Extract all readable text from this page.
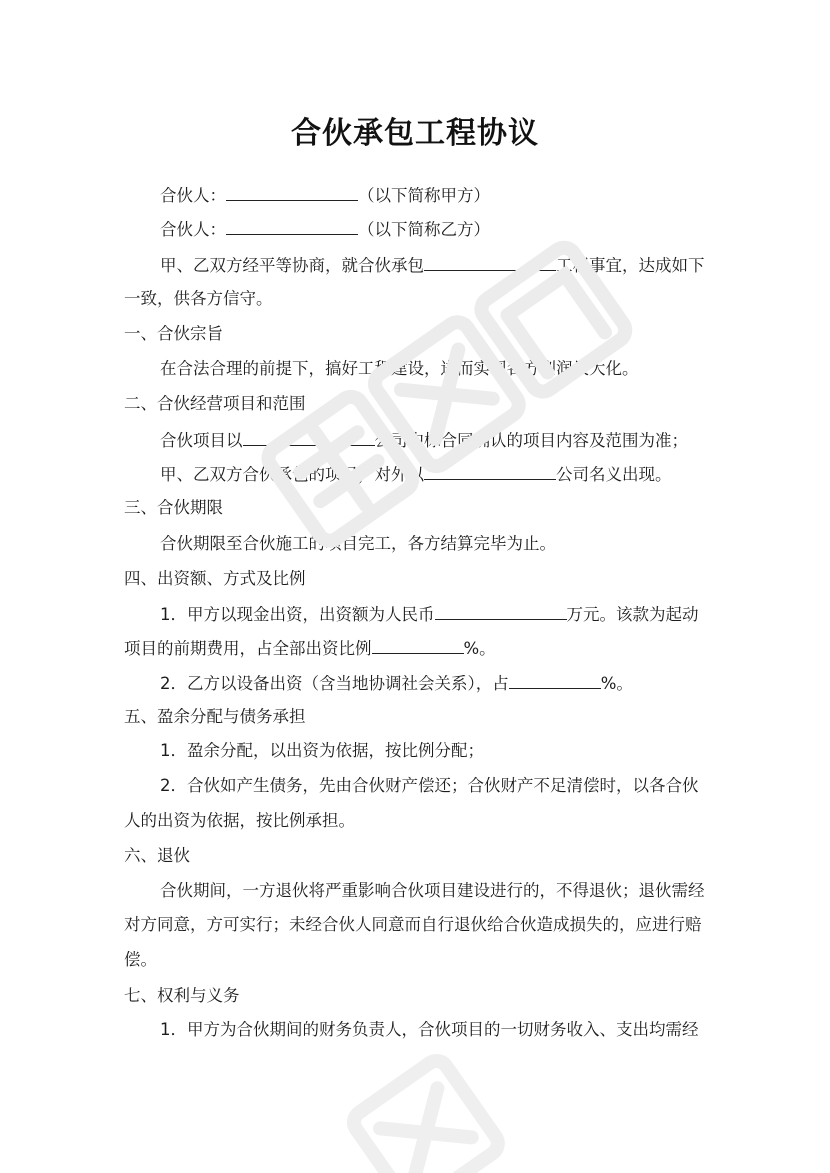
合伙承包工程协议
合伙人：	（以下简称甲方）
合伙人：	（以下简称乙方）
甲、乙双方经平等协商，就合伙承包	工程事宜，达成如下
一致，供各方信守。
一、合伙宗旨
在合法合理的前提下，搞好工程建设，进而实现各方利润最大化。
二、合伙经营项目和范围
合伙项目以	公司中标合同确认的项目内容及范围为准；
甲、乙双方合伙承包的项目，对外以	公司名义出现。
三、合伙期限
合伙期限至合伙施工的项目完工，各方结算完毕为止。
四、出资额、方式及比例
1．甲方以现金出资，出资额为人民币	万元。该款为起动
项目的前期费用，占全部出资比例	%。
2．乙方以设备出资（含当地协调社会关系），占	%。
五、盈余分配与债务承担
1．盈余分配，以出资为依据，按比例分配；
2．合伙如产生债务，先由合伙财产偿还；合伙财产不足清偿时，以各合伙
人的出资为依据，按比例承担。
六、退伙
合伙期间，一方退伙将严重影响合伙项目建设进行的，不得退伙；退伙需经
对方同意，方可实行；未经合伙人同意而自行退伙给合伙造成损失的，应进行赔
偿。
七、权利与义务
1．甲方为合伙期间的财务负责人，合伙项目的一切财务收入、支出均需经
